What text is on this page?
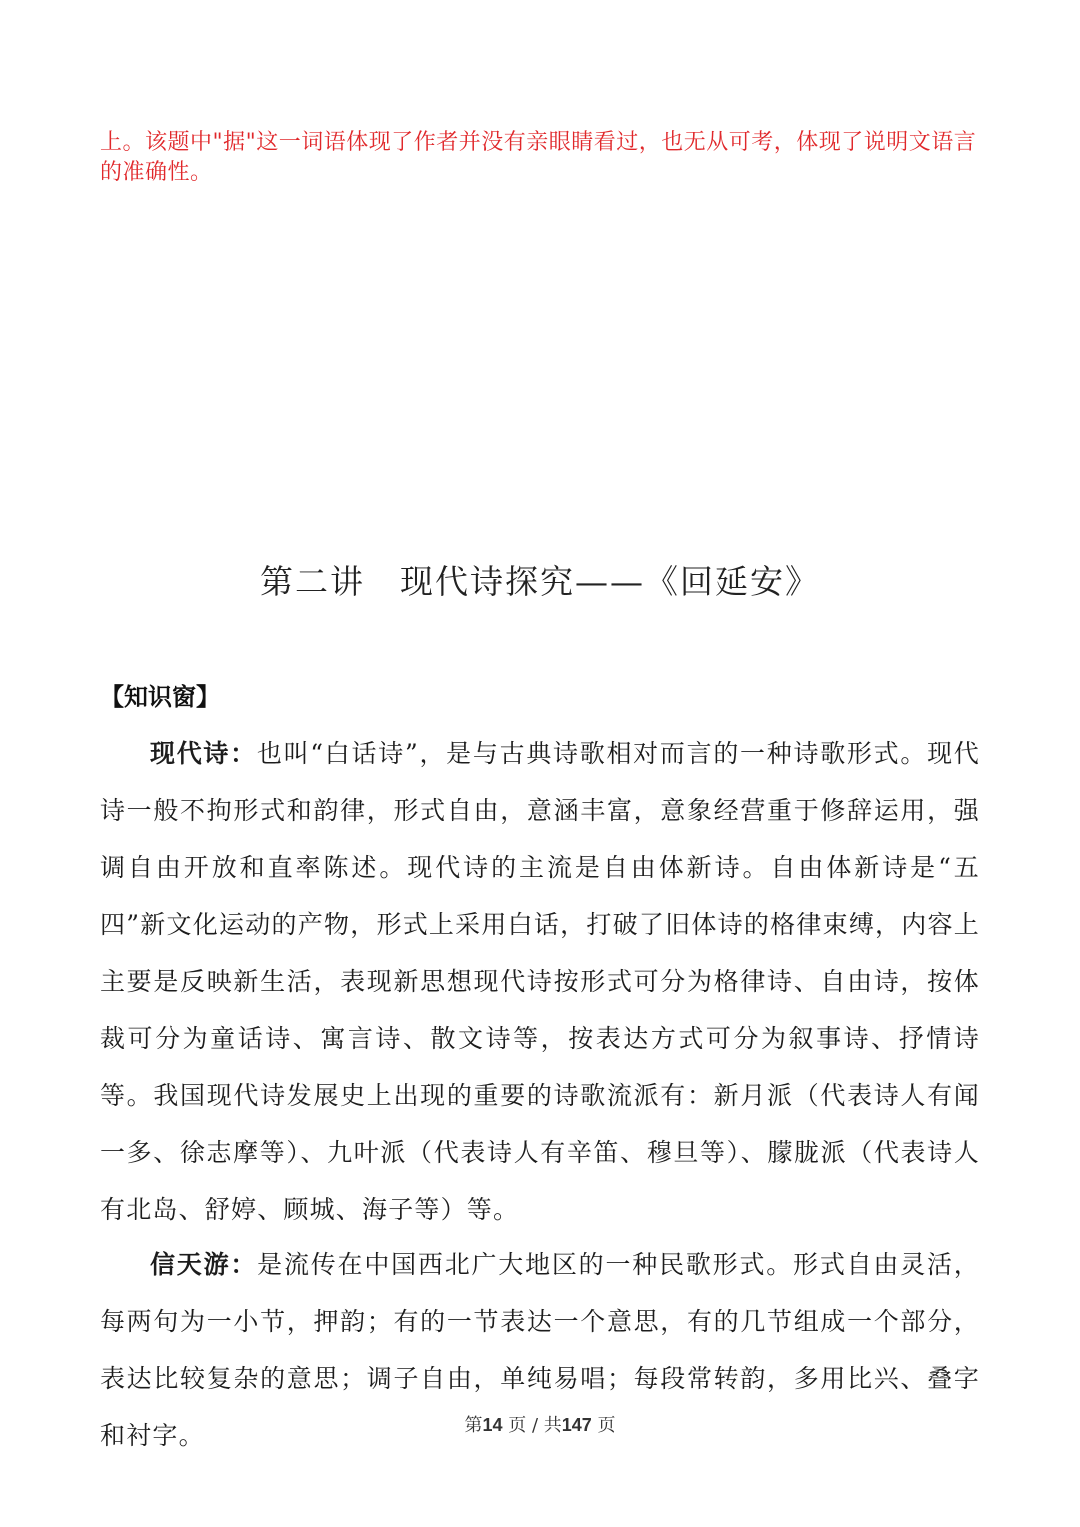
上。该题中"据"这一词语体现了作者并没有亲眼睛看过，也无从可考，体现了说明文语言的准确性。

第二讲　现代诗探究——《回延安》
【知识窗】

现代诗：也叫“白话诗”，是与古典诗歌相对而言的一种诗歌形式。现代诗一般不拘形式和韵律，形式自由，意涵丰富，意象经营重于修辞运用，强调自由开放和直率陈述。现代诗的主流是自由体新诗。自由体新诗是“五四”新文化运动的产物，形式上采用白话，打破了旧体诗的格律束缚，内容上主要是反映新生活，表现新思想现代诗按形式可分为格律诗、自由诗，按体裁可分为童话诗、寓言诗、散文诗等，按表达方式可分为叙事诗、抒情诗等。我国现代诗发展史上出现的重要的诗歌流派有：新月派（代表诗人有闻一多、徐志摩等）、九叶派（代表诗人有辛笛、穆旦等）、朦胧派（代表诗人有北岛、舒婷、顾城、海子等）等。

信天游：是流传在中国西北广大地区的一种民歌形式。形式自由灵活，每两句为一小节，押韵；有的一节表达一个意思，有的几节组成一个部分，表达比较复杂的意思；调子自由，单纯易唱；每段常转韵，多用比兴、叠字和衬字。	第14 页 / 共147 页
